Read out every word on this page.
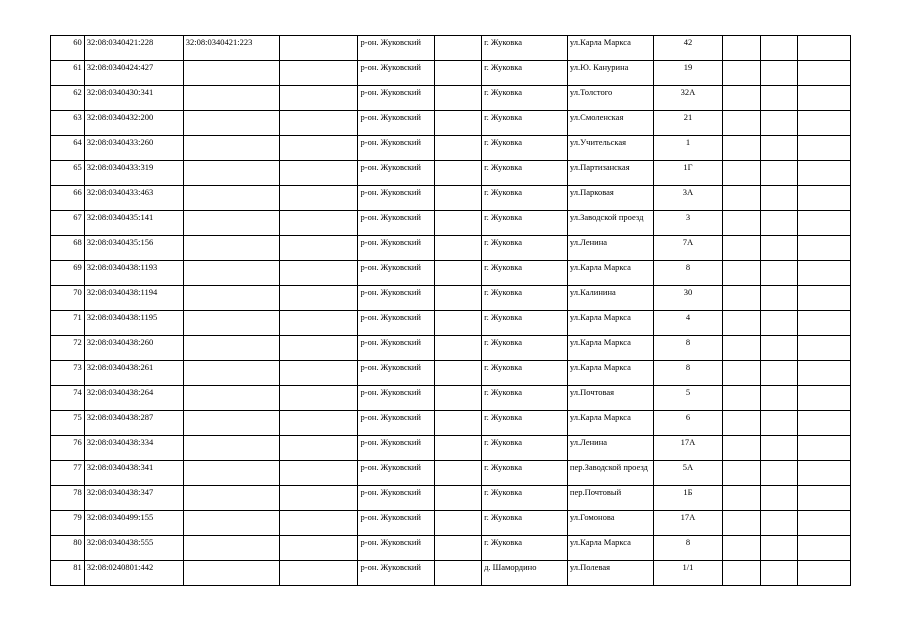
60	32:08:0340421:228	32:08:0340421:223		р-он. Жуковский		г. Жуковка	ул.Карла Маркса	42			
61	32:08:0340424:427			р-он. Жуковский		г. Жуковка	ул.Ю. Канурина	19			
62	32:08:0340430:341			р-он. Жуковский		г. Жуковка	ул.Толстого	32А			
63	32:08:0340432:200			р-он. Жуковский		г. Жуковка	ул.Смоленская	21			
64	32:08:0340433:260			р-он. Жуковский		г. Жуковка	ул.Учительская	1			
65	32:08:0340433:319			р-он. Жуковский		г. Жуковка	ул.Партизанская	1Г			
66	32:08:0340433:463			р-он. Жуковский		г. Жуковка	ул.Парковая	3А			
67	32:08:0340435:141			р-он. Жуковский		г. Жуковка	ул.Заводской проезд	3			
68	32:08:0340435:156			р-он. Жуковский		г. Жуковка	ул.Ленина	7А			
69	32:08:0340438:1193			р-он. Жуковский		г. Жуковка	ул.Карла Маркса	8			
70	32:08:0340438:1194			р-он. Жуковский		г. Жуковка	ул.Калинина	30			
71	32:08:0340438:1195			р-он. Жуковский		г. Жуковка	ул.Карла Маркса	4			
72	32:08:0340438:260			р-он. Жуковский		г. Жуковка	ул.Карла Маркса	8			
73	32:08:0340438:261			р-он. Жуковский		г. Жуковка	ул.Карла Маркса	8			
74	32:08:0340438:264			р-он. Жуковский		г. Жуковка	ул.Почтовая	5			
75	32:08:0340438:287			р-он. Жуковский		г. Жуковка	ул.Карла Маркса	6			
76	32:08:0340438:334			р-он. Жуковский		г. Жуковка	ул.Ленина	17А			
77	32:08:0340438:341			р-он. Жуковский		г. Жуковка	пер.Заводской проезд	5А			
78	32:08:0340438:347			р-он. Жуковский		г. Жуковка	пер.Почтовый	1Б			
79	32:08:0340499:155			р-он. Жуковский		г. Жуковка	ул.Гомонова	17А			
80	32:08:0340438:555			р-он. Жуковский		г. Жуковка	ул.Карла Маркса	8			
81	32:08:0240801:442			р-он. Жуковский		д. Шамордино	ул.Полевая	1/1			
